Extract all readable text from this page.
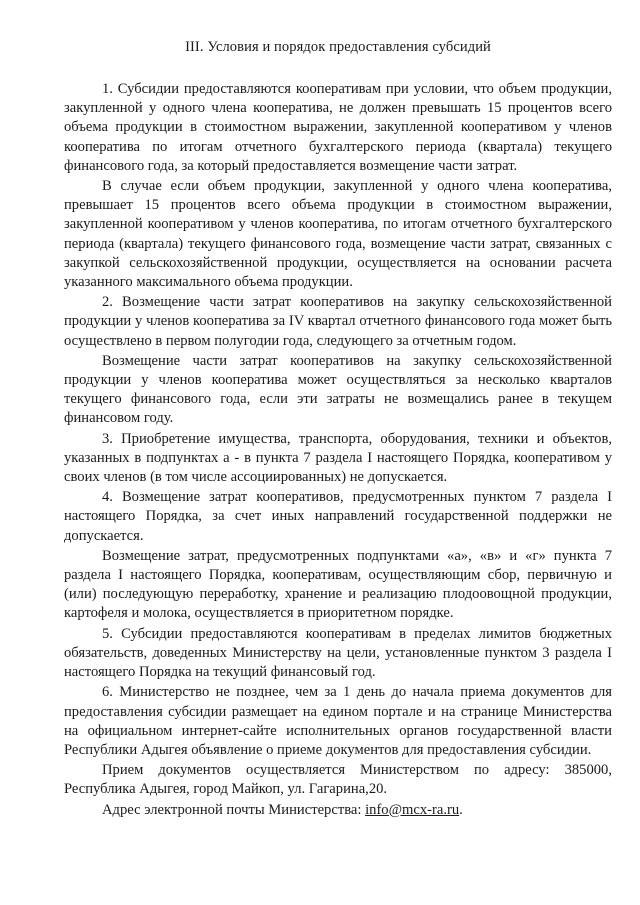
III. Условия и порядок предоставления субсидий

1. Субсидии предоставляются кооперативам при условии, что объем продукции, закупленной у одного члена кооператива, не должен превышать 15 процентов всего объема продукции в стоимостном выражении, закупленной кооперативом у членов кооператива по итогам отчетного бухгалтерского периода (квартала) текущего финансового года, за который предоставляется возмещение части затрат.

В случае если объем продукции, закупленной у одного члена кооператива, превышает 15 процентов всего объема продукции в стоимостном выражении, закупленной кооперативом у членов кооператива, по итогам отчетного бухгалтерского периода (квартала) текущего финансового года, возмещение части затрат, связанных с закупкой сельскохозяйственной продукции, осуществляется на основании расчета указанного максимального объема продукции.

2. Возмещение части затрат кооперативов на закупку сельскохозяйственной продукции у членов кооператива за IV квартал отчетного финансового года может быть осуществлено в первом полугодии года, следующего за отчетным годом.

Возмещение части затрат кооперативов на закупку сельскохозяйственной продукции у членов кооператива может осуществляться за несколько кварталов текущего финансового года, если эти затраты не возмещались ранее в текущем финансовом году.

3. Приобретение имущества, транспорта, оборудования, техники и объектов, указанных в подпунктах а - в пункта 7 раздела I настоящего Порядка, кооперативом у своих членов (в том числе ассоциированных) не допускается.

4. Возмещение затрат кооперативов, предусмотренных пунктом 7 раздела I настоящего Порядка, за счет иных направлений государственной поддержки не допускается.

Возмещение затрат, предусмотренных подпунктами «а», «в» и «г» пункта 7 раздела I настоящего Порядка, кооперативам, осуществляющим сбор, первичную и (или) последующую переработку, хранение и реализацию плодоовощной продукции, картофеля и молока, осуществляется в приоритетном порядке.

5. Субсидии предоставляются кооперативам в пределах лимитов бюджетных обязательств, доведенных Министерству на цели, установленные пунктом 3 раздела I настоящего Порядка на текущий финансовый год.

6. Министерство не позднее, чем за 1 день до начала приема документов для предоставления субсидии размещает на едином портале и на странице Министерства на официальном интернет-сайте исполнительных органов государственной власти Республики Адыгея объявление о приеме документов для предоставления субсидии.

Прием документов осуществляется Министерством по адресу: 385000, Республика Адыгея, город Майкоп, ул. Гагарина,20.

Адрес электронной почты Министерства: info@mcx-ra.ru.
